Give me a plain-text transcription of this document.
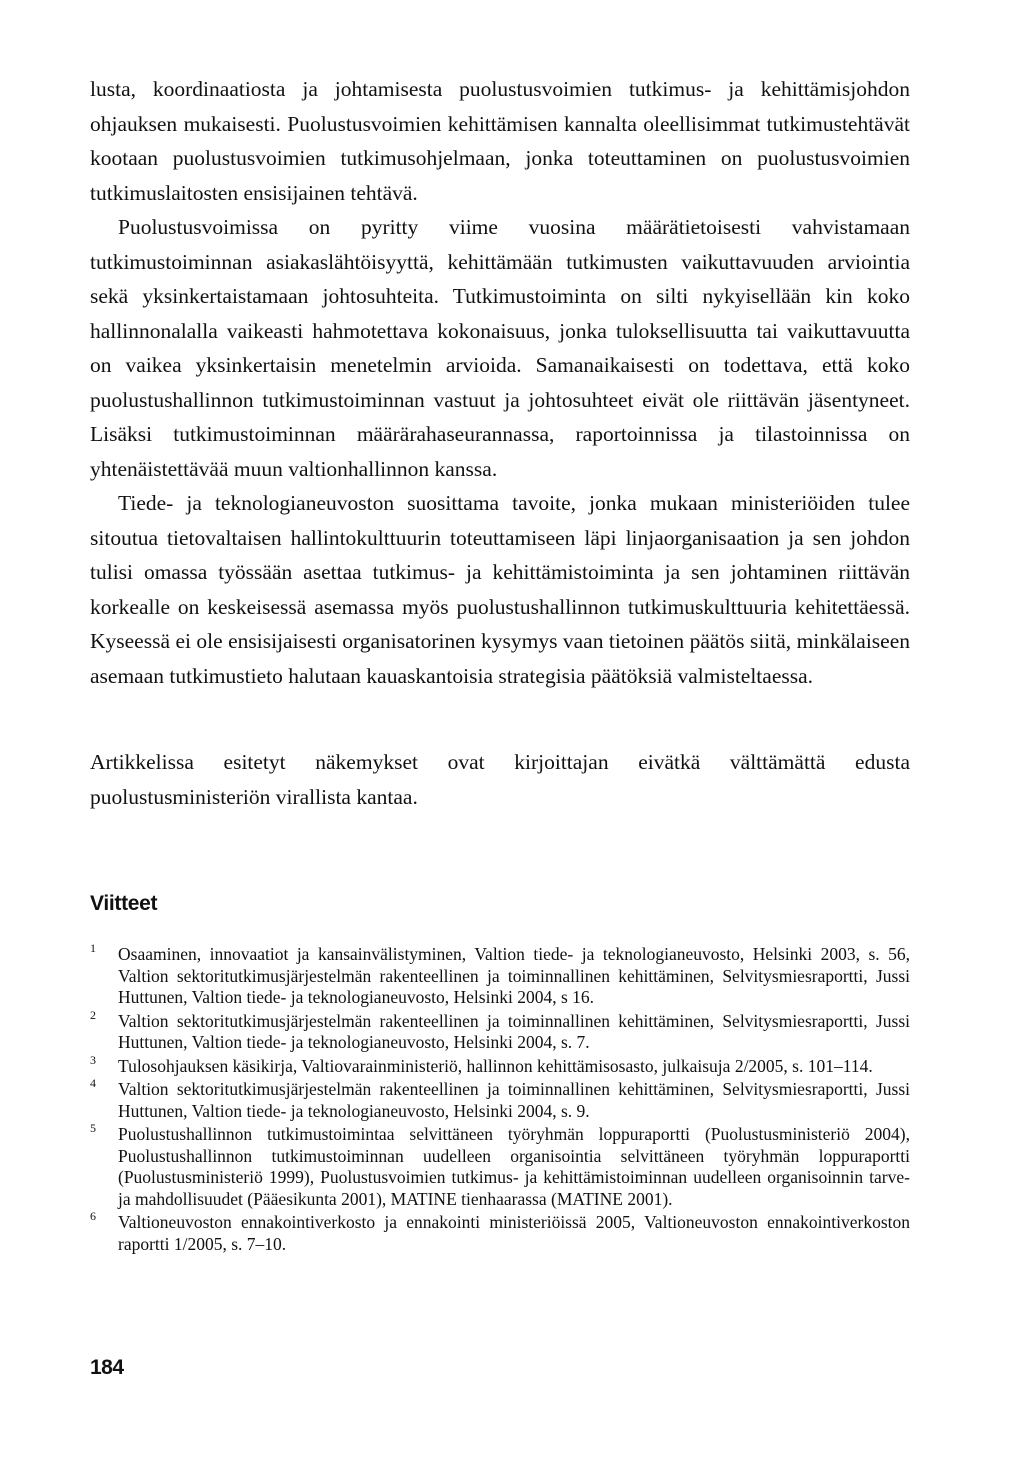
lusta, koordinaatiosta ja johtamisesta puolustusvoimien tutkimus- ja kehittämisjohdon ohjauksen mukaisesti. Puolustusvoimien kehittämisen kannalta oleellisimmat tutkimustehtävät kootaan puolustusvoimien tutkimusohjelmaan, jonka toteuttaminen on puolustusvoimien tutkimuslaitosten ensisijainen tehtävä.

Puolustusvoimissa on pyritty viime vuosina määrätietoisesti vahvistamaan tutkimustoiminnan asiakaslähtöisyyttä, kehittämään tutkimusten vaikuttavuuden arviointia sekä yksinkertaistamaan johtosuhteita. Tutkimustoiminta on silti nykyisellään kin koko hallinnonalalla vaikeasti hahmotettava kokonaisuus, jonka tuloksellisuutta tai vaikuttavuutta on vaikea yksinkertaisin menetelmin arvioida. Samanaikaisesti on todettava, että koko puolustushallinnon tutkimustoiminnan vastuut ja johtosuhteet eivät ole riittävän jäsentyneet. Lisäksi tutkimustoiminnan määrärahaseurannassa, raportoinnissa ja tilastoinnissa on yhtenäistettävää muun valtionhallinnon kanssa.

Tiede- ja teknologianeuvoston suosittama tavoite, jonka mukaan ministeriöiden tulee sitoutua tietovaltaisen hallintokulttuurin toteuttamiseen läpi linjaorganisaation ja sen johdon tulisi omassa työssään asettaa tutkimus- ja kehittämistoiminta ja sen johtaminen riittävän korkealle on keskeisessä asemassa myös puolustushallinnon tutkimuskulttuuria kehitettäessä. Kyseessä ei ole ensisijaisesti organisatorinen kysymys vaan tietoinen päätös siitä, minkälaiseen asemaan tutkimustieto halutaan kauaskantoisia strategisia päätöksiä valmisteltaessa.

Artikkelissa esitetyt näkemykset ovat kirjoittajan eivätkä välttämättä edusta puolustusministeriön virallista kantaa.

Viitteet
1 Osaaminen, innovaatiot ja kansainvälistyminen, Valtion tiede- ja teknologianeuvosto, Helsinki 2003, s. 56, Valtion sektoritutkimusjärjestelmän rakenteellinen ja toiminnallinen kehittäminen, Selvitysmiesraportti, Jussi Huttunen, Valtion tiede- ja teknologianeuvosto, Helsinki 2004, s 16.
2 Valtion sektoritutkimusjärjestelmän rakenteellinen ja toiminnallinen kehittäminen, Selvitysmiesraportti, Jussi Huttunen, Valtion tiede- ja teknologianeuvosto, Helsinki 2004, s. 7.
3 Tulosohjauksen käsikirja, Valtiovarainministeriö, hallinnon kehittämisosasto, julkaisuja 2/2005, s. 101–114.
4 Valtion sektoritutkimusjärjestelmän rakenteellinen ja toiminnallinen kehittäminen, Selvitysmiesraportti, Jussi Huttunen, Valtion tiede- ja teknologianeuvosto, Helsinki 2004, s. 9.
5 Puolustushallinnon tutkimustoimintaa selvittäneen työryhmän loppuraportti (Puolustusministeriö 2004), Puolustushallinnon tutkimustoiminnan uudelleen organisointia selvittäneen työryhmän loppuraportti (Puolustusministeriö 1999), Puolustusvoimien tutkimus- ja kehittämistoiminnan uudelleen organisoinnin tarve- ja mahdollisuudet (Pääesikunta 2001), MATINE tienhaarassa (MATINE 2001).
6 Valtioneuvoston ennakointiverkosto ja ennakointi ministeriöissä 2005, Valtioneuvoston ennakointiverkoston raportti 1/2005, s. 7–10.
184
